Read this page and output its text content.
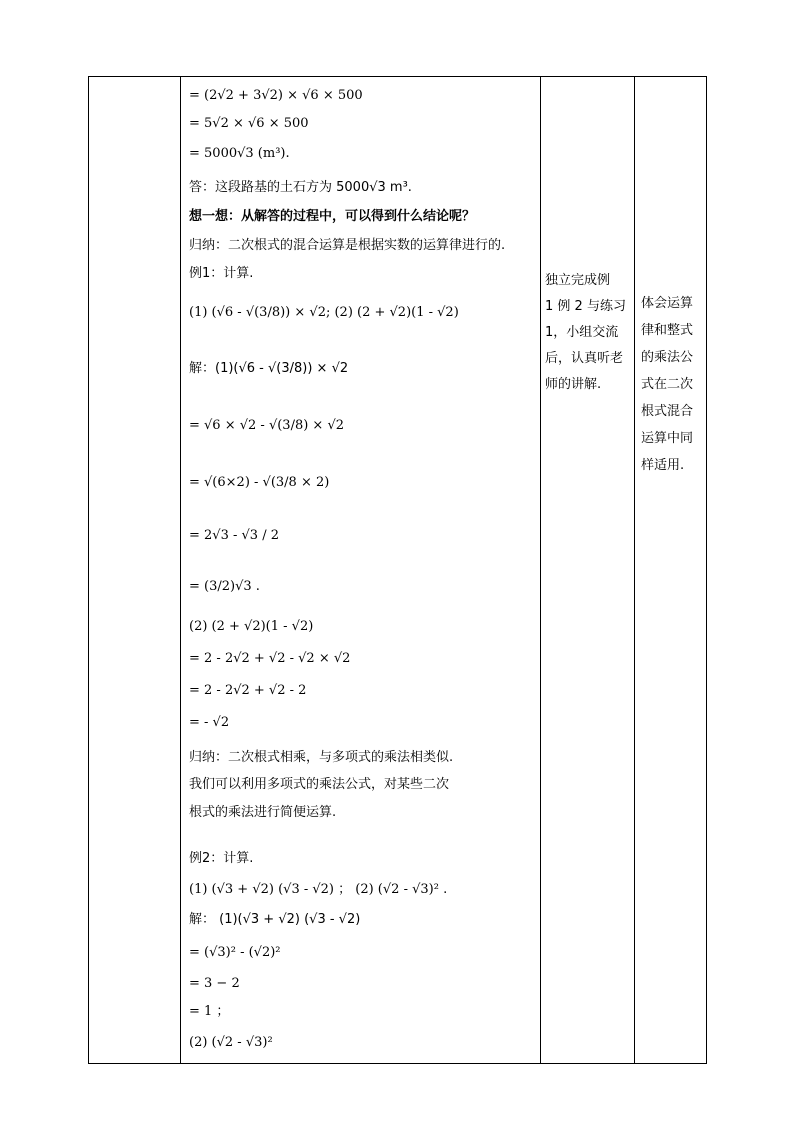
= (2√2 + 3√2) × √6 × 500
= 5√2 × √6 × 500
= 5000√3 (m³).
答：这段路基的土石方为 5000√3 m³.
想一想：从解答的过程中，可以得到什么结论呢？
归纳：二次根式的混合运算是根据实数的运算律进行的.
例1：计算.
(1) (√6 - √(3/8)) × √2; (2) (2 + √2)(1 - √2)
解：(1)(√6 - √(3/8)) × √2
= √6 × √2 - √(3/8) × √2
= √(6×2) - √(3/8 × 2)
= 2√3 - √3 / 2
= (3/2)√3 .
(2) (2 + √2)(1 - √2)
= 2 - 2√2 + √2 - √2 × √2
= 2 - 2√2 + √2 - 2
= - √2
归纳：二次根式相乘，与多项式的乘法相类似.
我们可以利用多项式的乘法公式，对某些二次
根式的乘法进行简便运算.
例2：计算.
(1) (√3 + √2) (√3 - √2) ； (2) (√2 - √3)² .
解： (1)(√3 + √2) (√3 - √2)
= (√3)² - (√2)²
= 3 − 2
= 1 ；
(2) (√2 - √3)²
独立完成例
1 例 2 与练习
1，小组交流
后，认真听老
师的讲解.
体会运算
律和整式
的乘法公
式在二次
根式混合
运算中同
样适用.
